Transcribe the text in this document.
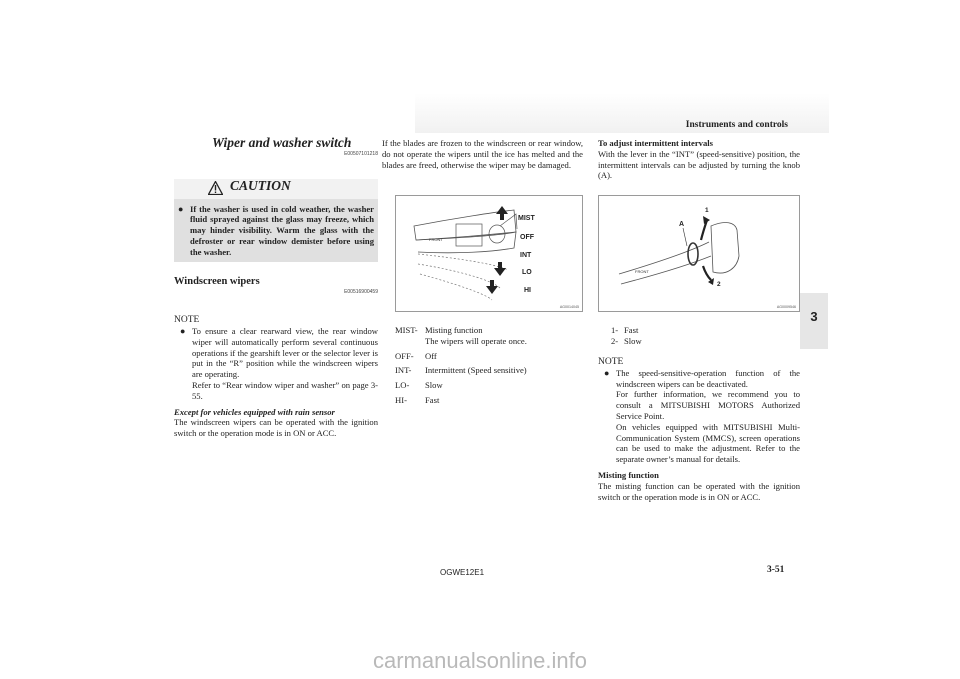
Instruments and controls
3
Wiper and washer switch
E00507101218
CAUTION
● If the washer is used in cold weather, the washer fluid sprayed against the glass may freeze, which may hinder visibility. Warm the glass with the defroster or rear window demister before using the washer.
Windscreen wipers
E00516900459
NOTE
● To ensure a clear rearward view, the rear window wiper will automatically perform several continuous operations if the gearshift lever or the selector lever is put in the “R” position while the windscreen wipers are operating.
Refer to “Rear window wiper and washer” on page 3-55.
Except for vehicles equipped with rain sensor
The windscreen wipers can be operated with the ignition switch or the operation mode is in ON or ACC.
If the blades are frozen to the windscreen or rear window, do not operate the wipers until the ice has melted and the blades are freed, otherwise the wiper may be damaged.
FRONT
MIST
OFF
INT
LO
HI
AG0014045
MIST- Misting function
The wipers will operate once.
OFF-	Off
INT-	Intermittent (Speed sensitive)
LO-	Slow
HI-	Fast
To adjust intermittent intervals
With the lever in the “INT” (speed-sensitive) position, the intermittent intervals can be adjusted by turning the knob (A).
A
1
2
FRONT
AG0009546
1- Fast
2- Slow
NOTE
● The speed-sensitive-operation function of the windscreen wipers can be deactivated.
For further information, we recommend you to consult a MITSUBISHI MOTORS Authorized Service Point.
On vehicles equipped with MITSUBISHI Multi-Communication System (MMCS), screen operations can be used to make the adjustment. Refer to the separate owner’s manual for details.
Misting function
The misting function can be operated with the ignition switch or the operation mode is in ON or ACC.
OGWE12E1	3-51
carmanualsonline.info
